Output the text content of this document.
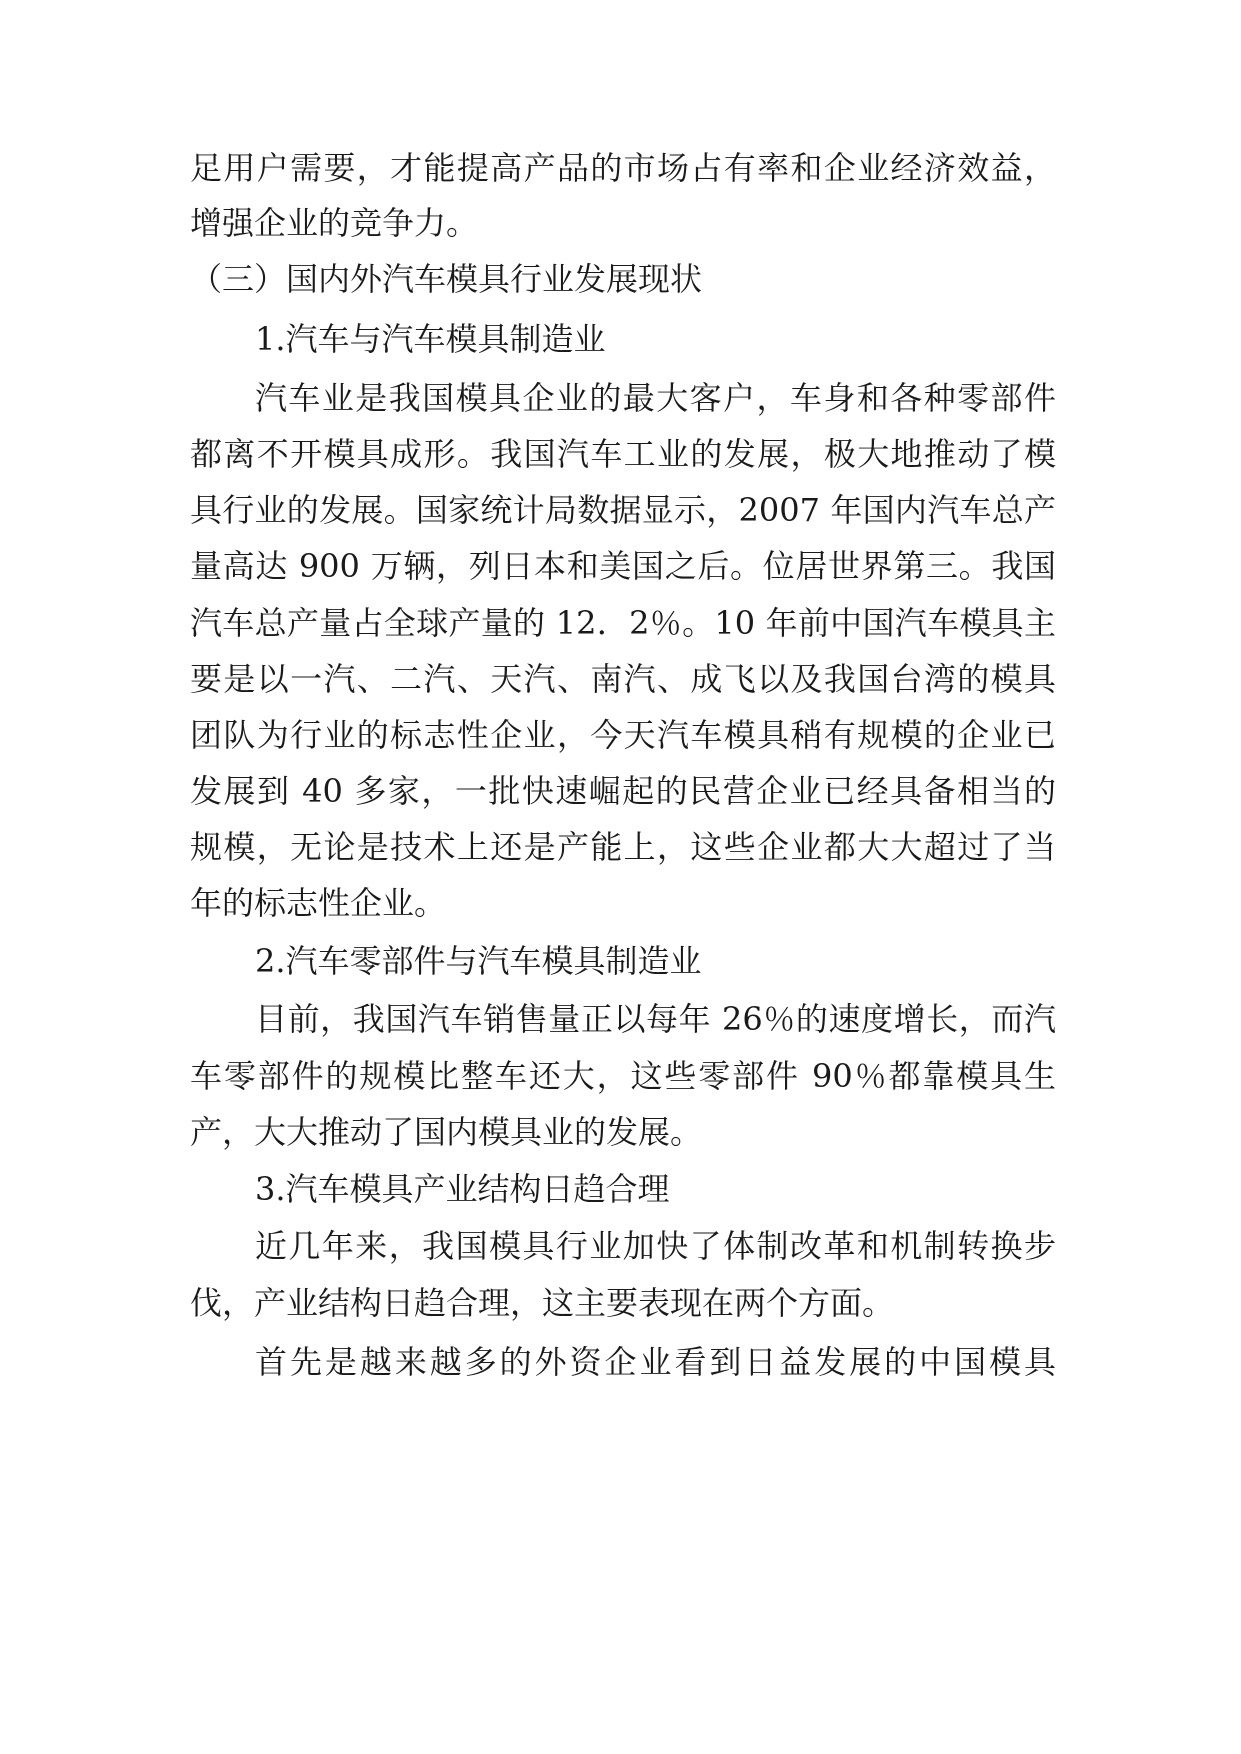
足用户需要，才能提高产品的市场占有率和企业经济效益，
增强企业的竞争力。
（三）国内外汽车模具行业发展现状
1.汽车与汽车模具制造业
汽车业是我国模具企业的最大客户，车身和各种零部件
都离不开模具成形。我国汽车工业的发展，极大地推动了模
具行业的发展。国家统计局数据显示，2007 年国内汽车总产
量高达 900 万辆，列日本和美国之后。位居世界第三。我国
汽车总产量占全球产量的 12．2％。10 年前中国汽车模具主
要是以一汽、二汽、天汽、南汽、成飞以及我国台湾的模具
团队为行业的标志性企业，今天汽车模具稍有规模的企业已
发展到 40 多家，一批快速崛起的民营企业已经具备相当的
规模，无论是技术上还是产能上，这些企业都大大超过了当
年的标志性企业。
2.汽车零部件与汽车模具制造业
目前，我国汽车销售量正以每年 26％的速度增长，而汽
车零部件的规模比整车还大，这些零部件 90％都靠模具生
产，大大推动了国内模具业的发展。
3.汽车模具产业结构日趋合理
近几年来，我国模具行业加快了体制改革和机制转换步
伐，产业结构日趋合理，这主要表现在两个方面。
首先是越来越多的外资企业看到日益发展的中国模具
